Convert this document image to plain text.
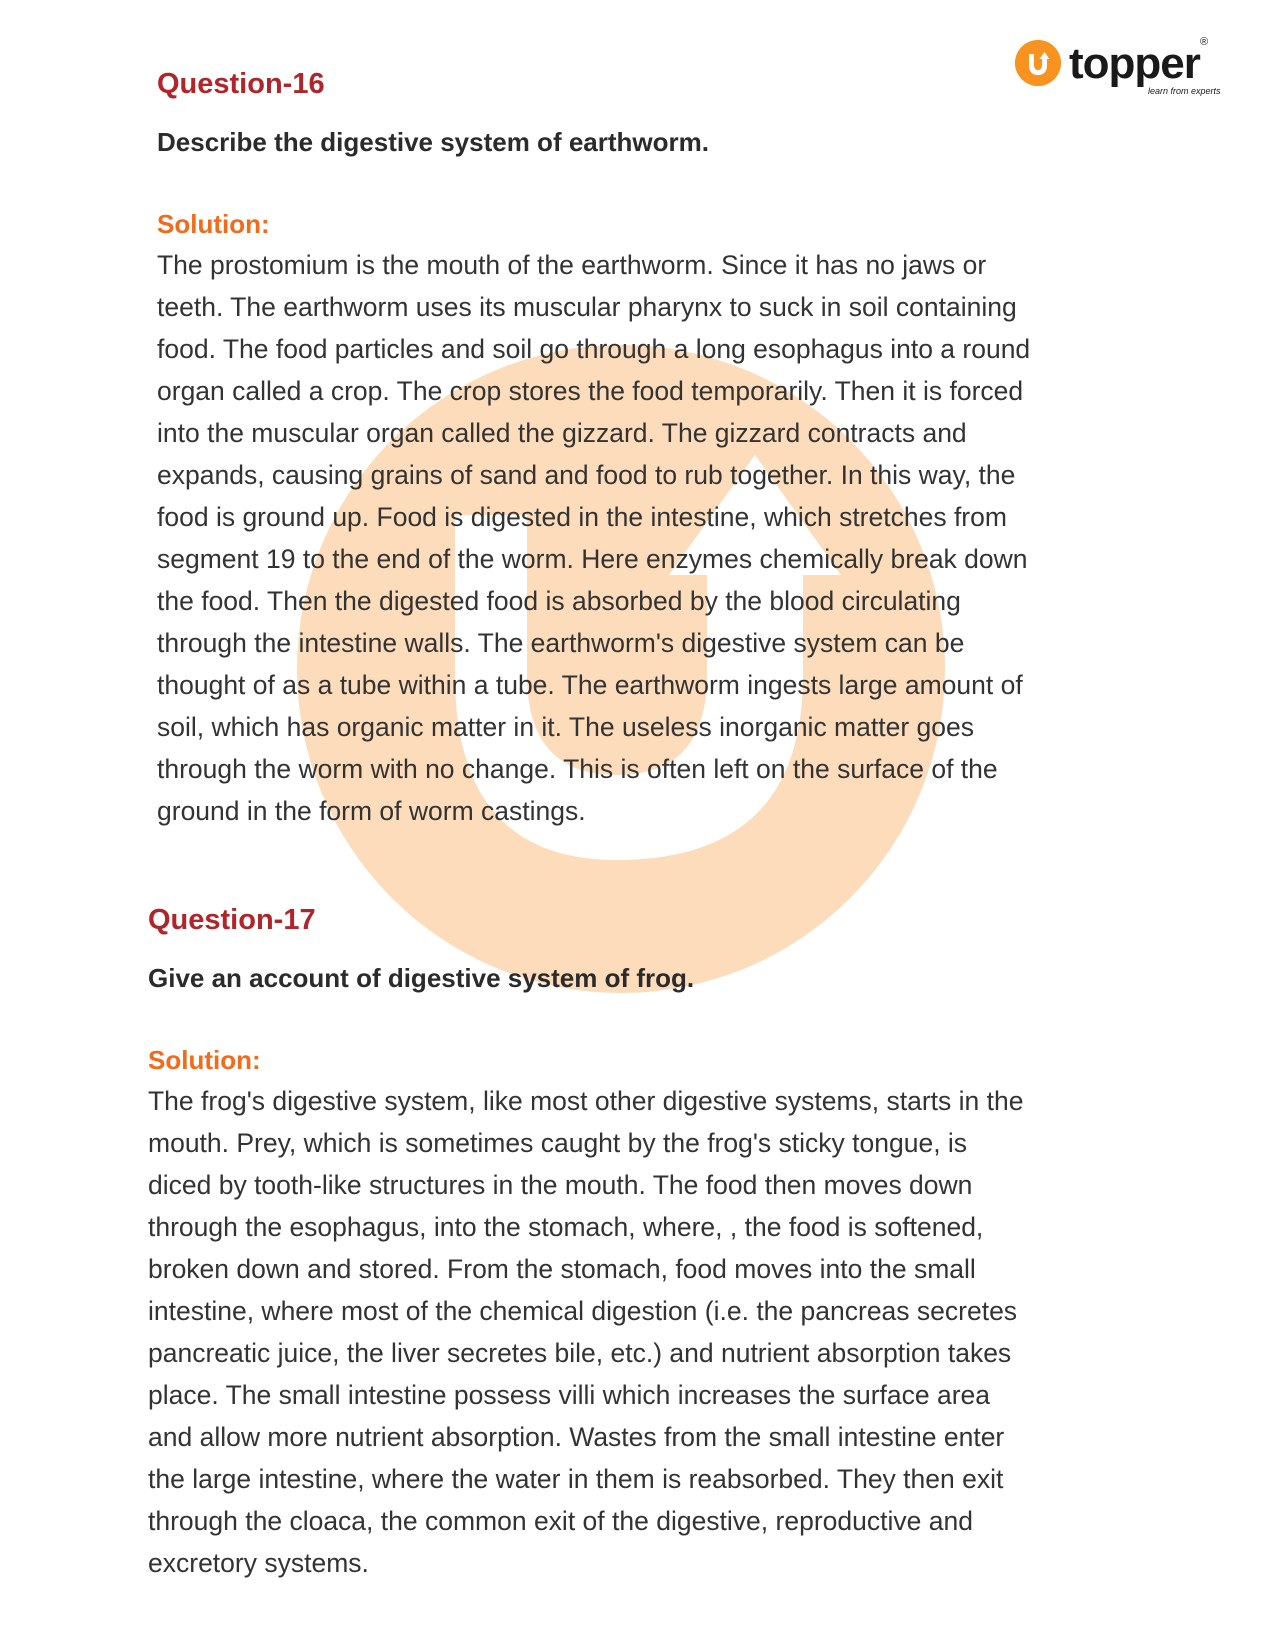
topper ®
learn from experts
Question-16

Describe the digestive system of earthworm.

Solution:

The prostomium is the mouth of the earthworm. Since it has no jaws or
teeth. The earthworm uses its muscular pharynx to suck in soil containing
food. The food particles and soil go through a long esophagus into a round
organ called a crop. The crop stores the food temporarily. Then it is forced
into the muscular organ called the gizzard. The gizzard contracts and
expands, causing grains of sand and food to rub together. In this way, the
food is ground up. Food is digested in the intestine, which stretches from
segment 19 to the end of the worm. Here enzymes chemically break down
the food. Then the digested food is absorbed by the blood circulating
through the intestine walls. The earthworm's digestive system can be
thought of as a tube within a tube. The earthworm ingests large amount of
soil, which has organic matter in it. The useless inorganic matter goes
through the worm with no change. This is often left on the surface of the
ground in the form of worm castings.
Question-17

Give an account of digestive system of frog.

Solution:

The frog's digestive system, like most other digestive systems, starts in the
mouth. Prey, which is sometimes caught by the frog's sticky tongue, is
diced by tooth-like structures in the mouth. The food then moves down
through the esophagus, into the stomach, where, , the food is softened,
broken down and stored. From the stomach, food moves into the small
intestine, where most of the chemical digestion (i.e. the pancreas secretes
pancreatic juice, the liver secretes bile, etc.) and nutrient absorption takes
place. The small intestine possess villi which increases the surface area
and allow more nutrient absorption. Wastes from the small intestine enter
the large intestine, where the water in them is reabsorbed. They then exit
through the cloaca, the common exit of the digestive, reproductive and
excretory systems.
